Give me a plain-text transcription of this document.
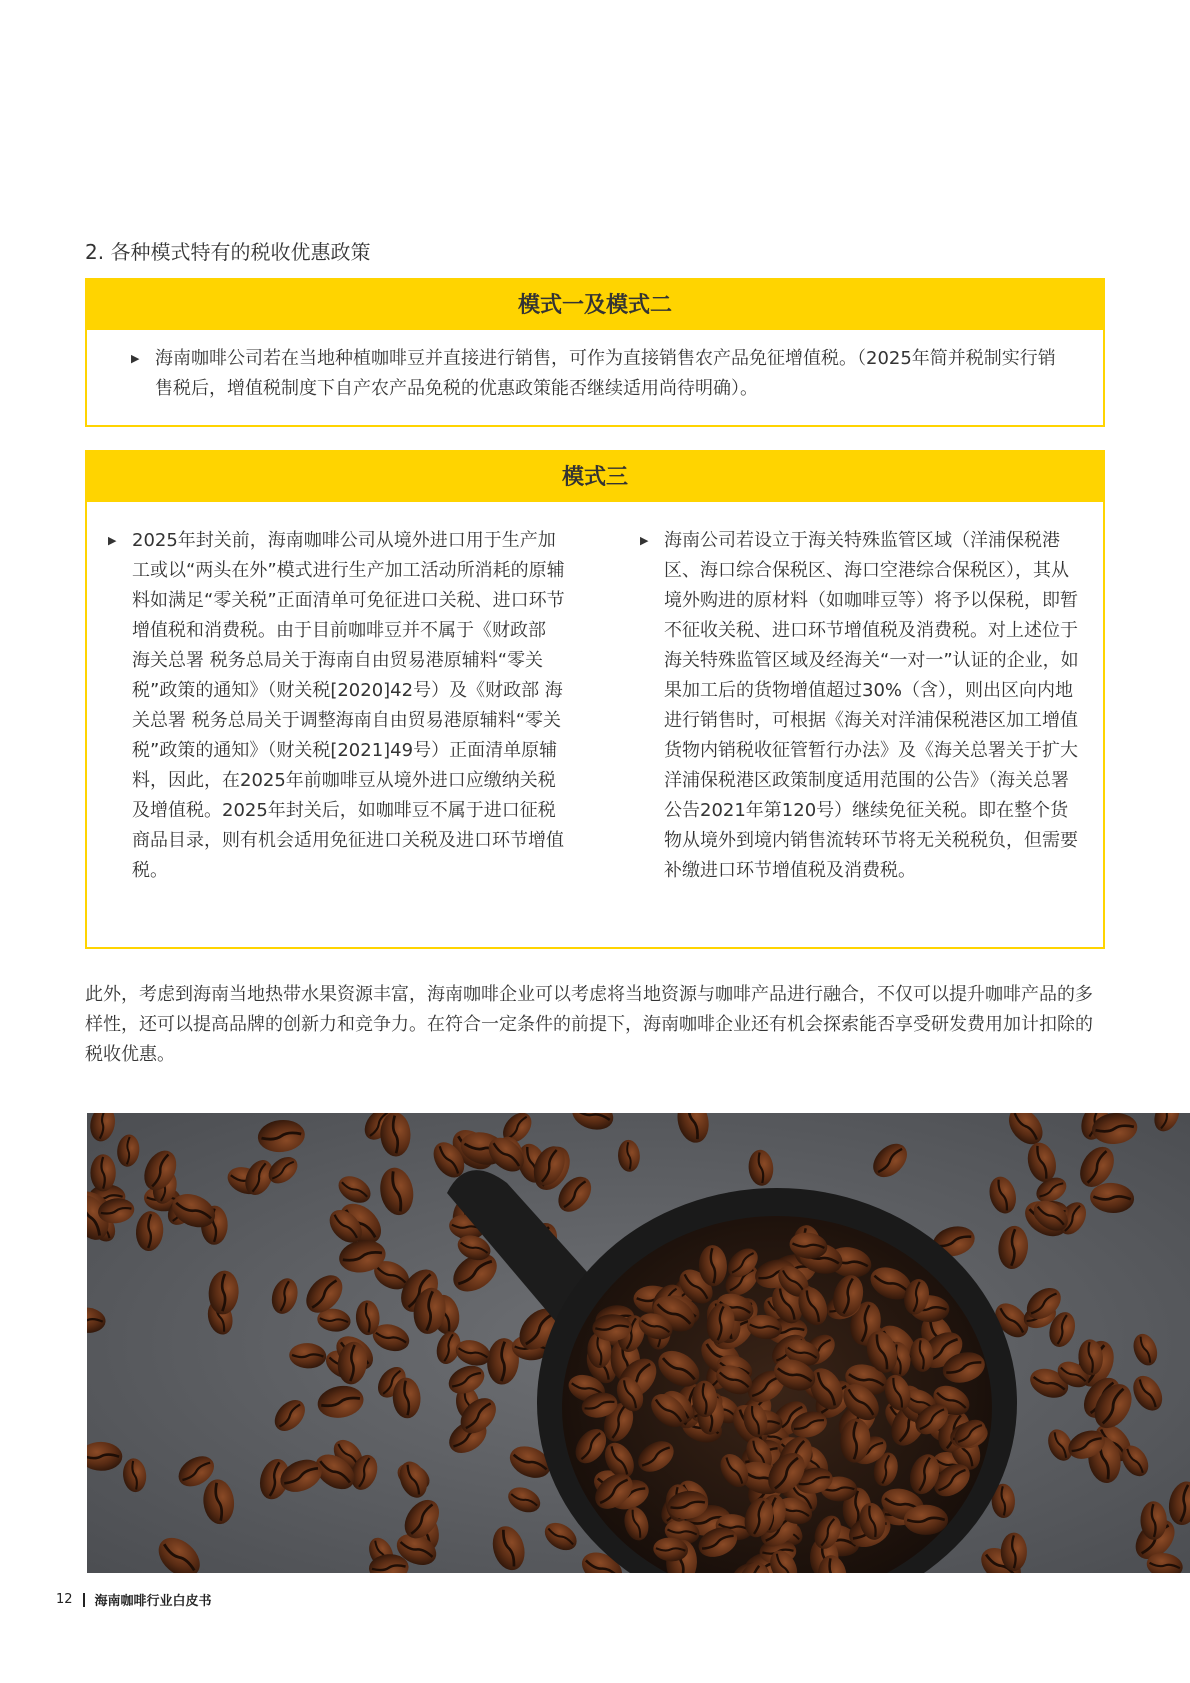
2. 各种模式特有的税收优惠政策
模式一及模式二

▶ 海南咖啡公司若在当地种植咖啡豆并直接进行销售，可作为直接销售农产品免征增值税。（2025年简并税制实行销售税后，增值税制度下自产农产品免税的优惠政策能否继续适用尚待明确）。

模式三

▶ 2025年封关前，海南咖啡公司从境外进口用于生产加工或以“两头在外”模式进行生产加工活动所消耗的原辅料如满足“零关税”正面清单可免征进口关税、进口环节增值税和消费税。由于目前咖啡豆并不属于《财政部 海关总署 税务总局关于海南自由贸易港原辅料“零关税”政策的通知》（财关税[2020]42号）及《财政部 海关总署 税务总局关于调整海南自由贸易港原辅料“零关税”政策的通知》（财关税[2021]49号）正面清单原辅料，因此，在2025年前咖啡豆从境外进口应缴纳关税及增值税。2025年封关后，如咖啡豆不属于进口征税商品目录，则有机会适用免征进口关税及进口环节增值税。

▶ 海南公司若设立于海关特殊监管区域（洋浦保税港区、海口综合保税区、海口空港综合保税区），其从境外购进的原材料（如咖啡豆等）将予以保税，即暂不征收关税、进口环节增值税及消费税。对上述位于海关特殊监管区域及经海关“一对一”认证的企业，如果加工后的货物增值超过30%（含），则出区向内地进行销售时，可根据《海关对洋浦保税港区加工增值货物内销税收征管暂行办法》及《海关总署关于扩大洋浦保税港区政策制度适用范围的公告》（海关总署公告2021年第120号）继续免征关税。即在整个货物从境外到境内销售流转环节将无关税税负，但需要补缴进口环节增值税及消费税。

此外，考虑到海南当地热带水果资源丰富，海南咖啡企业可以考虑将当地资源与咖啡产品进行融合，不仅可以提升咖啡产品的多样性，还可以提高品牌的创新力和竞争力。在符合一定条件的前提下，海南咖啡企业还有机会探索能否享受研发费用加计扣除的税收优惠。

12 海南咖啡行业白皮书
